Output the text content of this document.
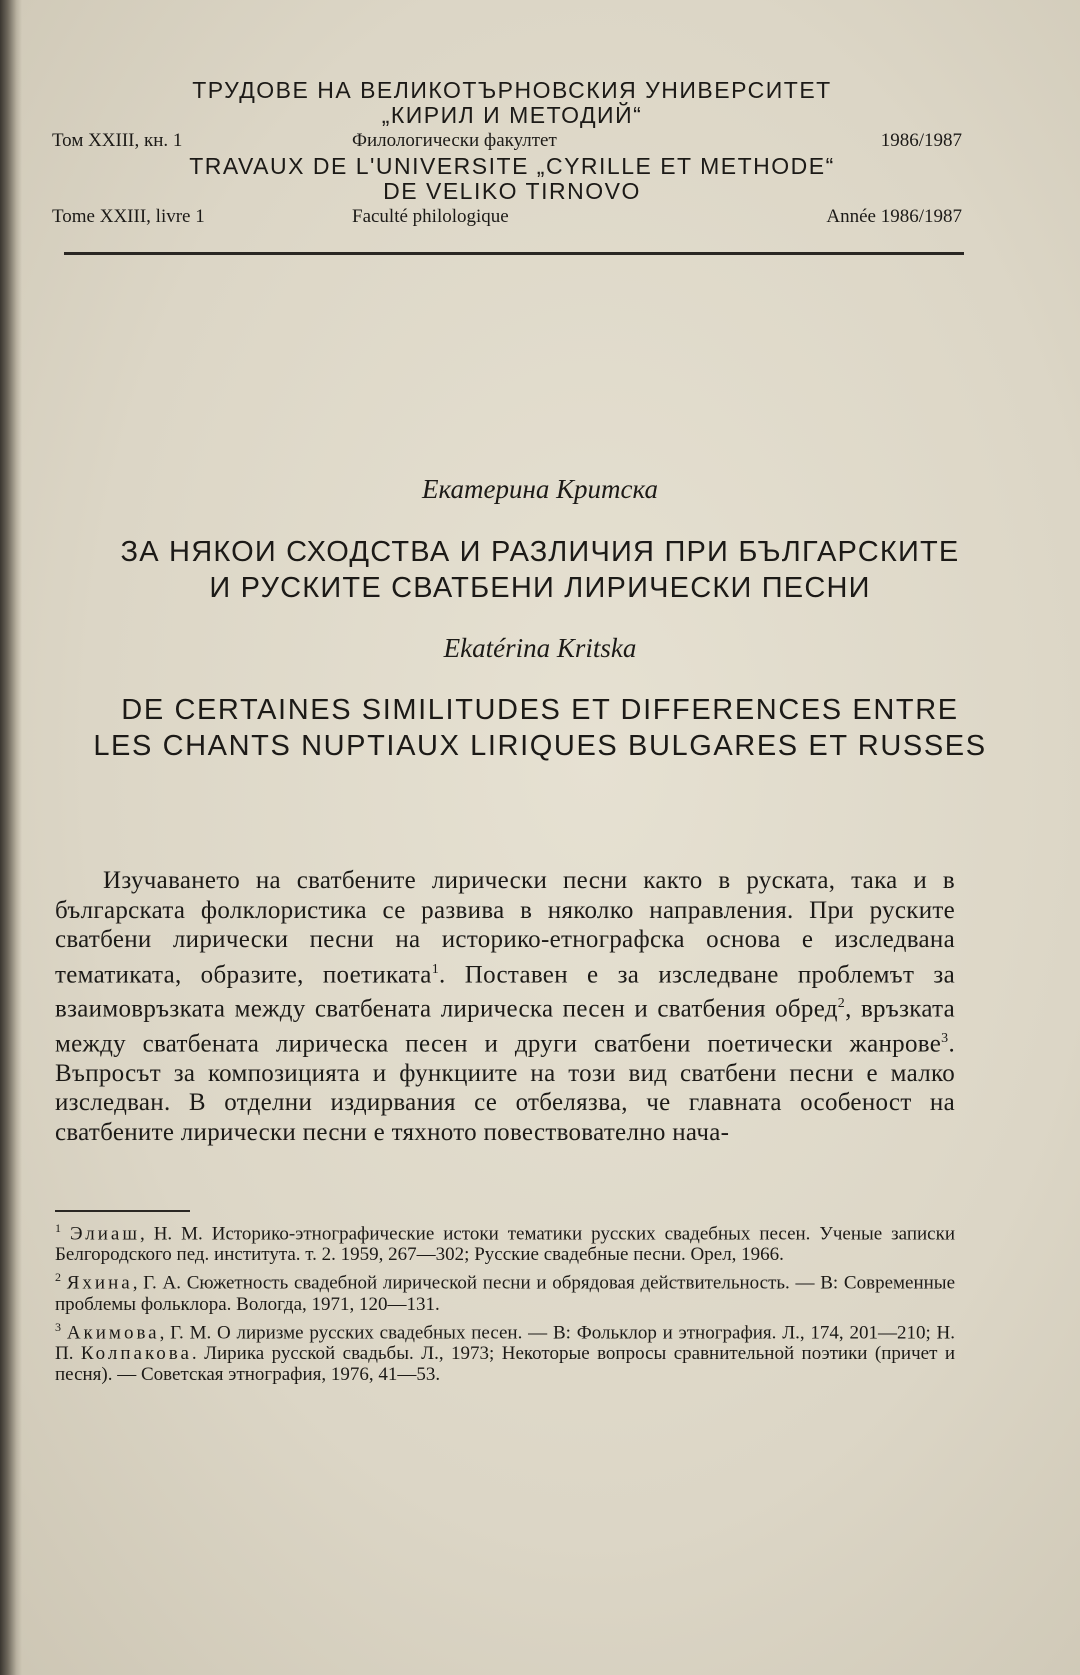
ТРУДОВЕ НА ВЕЛИКОТЪРНОВСКИЯ УНИВЕРСИТЕТ

„КИРИЛ И МЕТОДИЙ“

Том XXIII, кн. 1	Филологически факултет	1986/1987

TRAVAUX DE L'UNIVERSITE „CYRILLE ET METHODE“

DE VELIKO TIRNOVO

Tome XXIII, livre 1	Faculté philologique	Année 1986/1987
Екатерина Критска
ЗА НЯКОИ СХОДСТВА И РАЗЛИЧИЯ ПРИ БЪЛГАРСКИТЕ
И РУСКИТЕ СВАТБЕНИ ЛИРИЧЕСКИ ПЕСНИ
Ekatérina Kritska
DE CERTAINES SIMILITUDES ET DIFFERENCES ENTRE
LES CHANTS NUPTIAUX LIRIQUES BULGARES ET RUSSES

Изучаването на сватбените лирически песни както в руската, така и в българската фолклористика се развива в няколко направления. При руските сватбени лирически песни на историко-етнографска основа е изследвана тематиката, образите, поетиката$^1$. Поставен е за изследване проблемът за взаимовръзката между сватбената лирическа песен и сватбения обред$^2$, връзката между сватбената лирическа песен и други сватбени поетически жанрове$^3$. Въпросът за композицията и функциите на този вид сватбени песни е малко изследван. В отделни издирвания се отбелязва, че главната особеност на сватбените лирически песни е тяхното повествователно нача-

$^1$ Элиаш, Н. М. Историко-этнографические истоки тематики русских свадебных песен. Ученые записки Белгородского пед. института. т. 2. 1959, 267—302; Русские свадебные песни. Орел, 1966.

$^2$ Яхина, Г. А. Сюжетность свадебной лирической песни и обрядовая действительность. — В: Современные проблемы фольклора. Вологда, 1971, 120—131.

$^3$ Акимова, Г. М. О лиризме русских свадебных песен. — В: Фольклор и этнография. Л., 174, 201—210; Н. П. Колпакова. Лирика русской свадьбы. Л., 1973; Некоторые вопросы сравнительной поэтики (причет и песня). — Советская этнография, 1976, 41—53.
